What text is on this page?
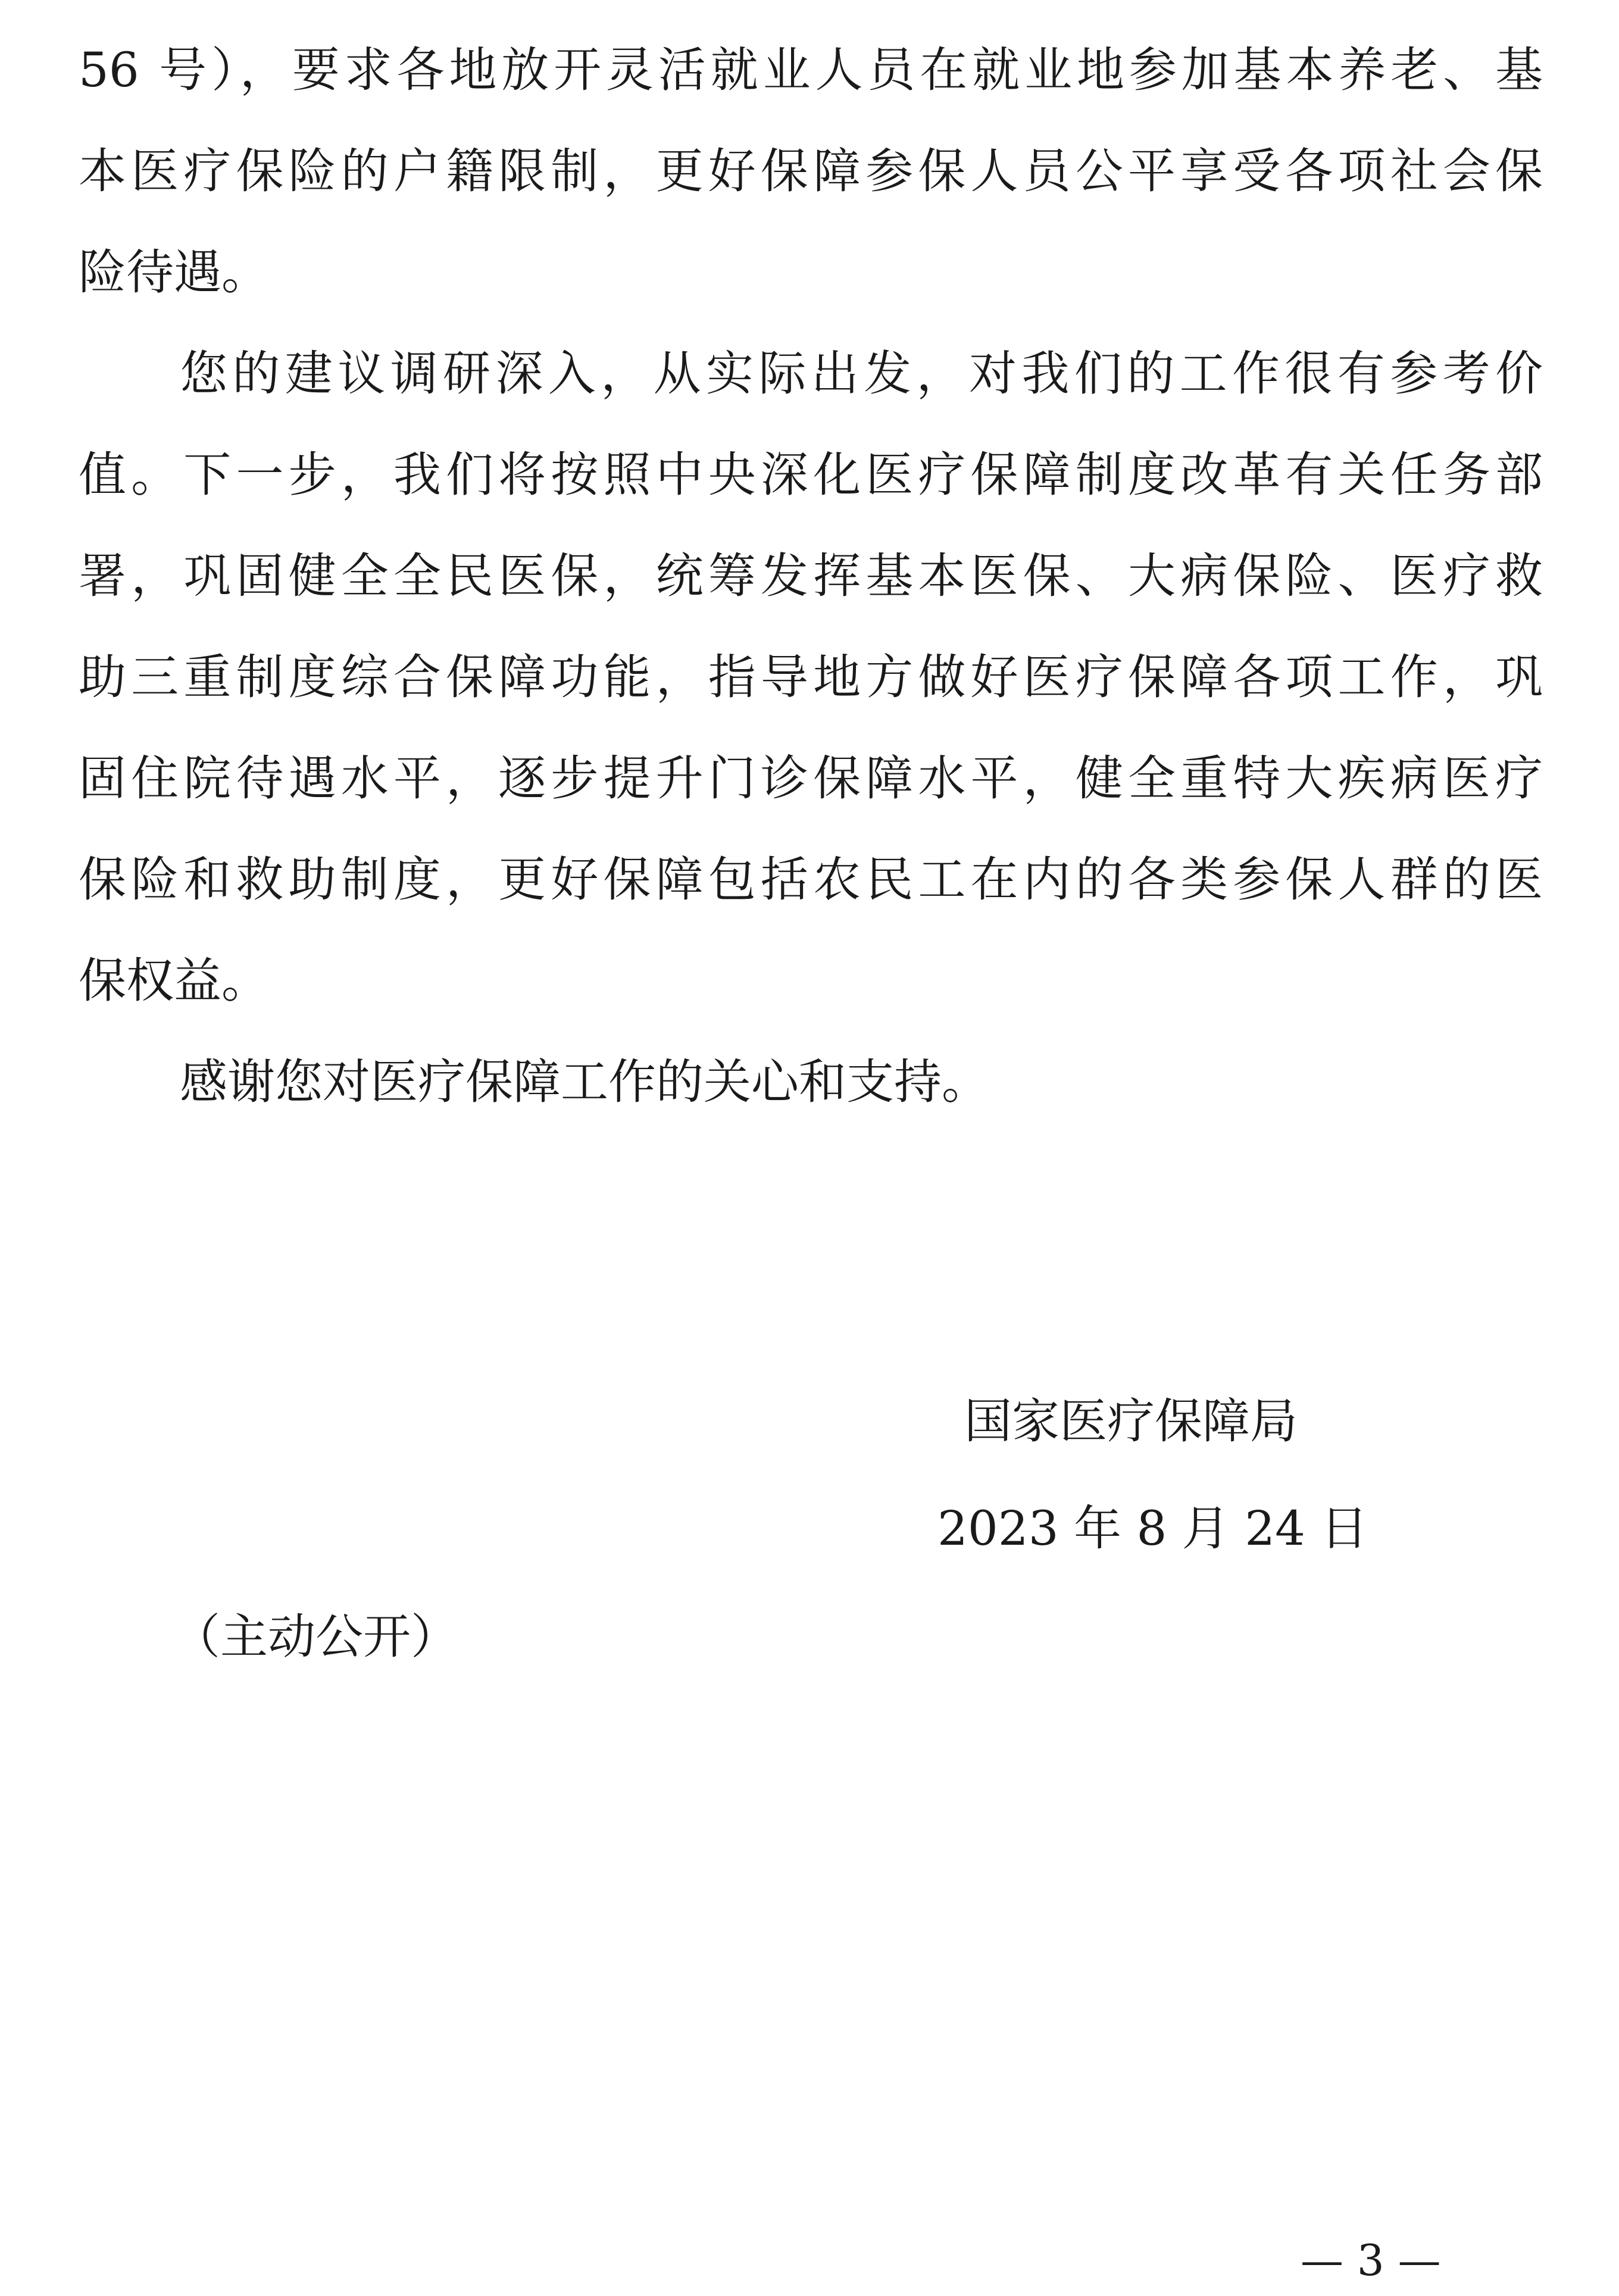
56 号），要求各地放开灵活就业人员在就业地参加基本养老、基
本医疗保险的户籍限制，更好保障参保人员公平享受各项社会保
险待遇。
您的建议调研深入，从实际出发，对我们的工作很有参考价
值。下一步，我们将按照中央深化医疗保障制度改革有关任务部
署，巩固健全全民医保，统筹发挥基本医保、大病保险、医疗救
助三重制度综合保障功能，指导地方做好医疗保障各项工作，巩
固住院待遇水平，逐步提升门诊保障水平，健全重特大疾病医疗
保险和救助制度，更好保障包括农民工在内的各类参保人群的医
保权益。
感谢您对医疗保障工作的关心和支持。
国家医疗保障局
2023 年 8 月 24 日
（主动公开）
— 3 —
